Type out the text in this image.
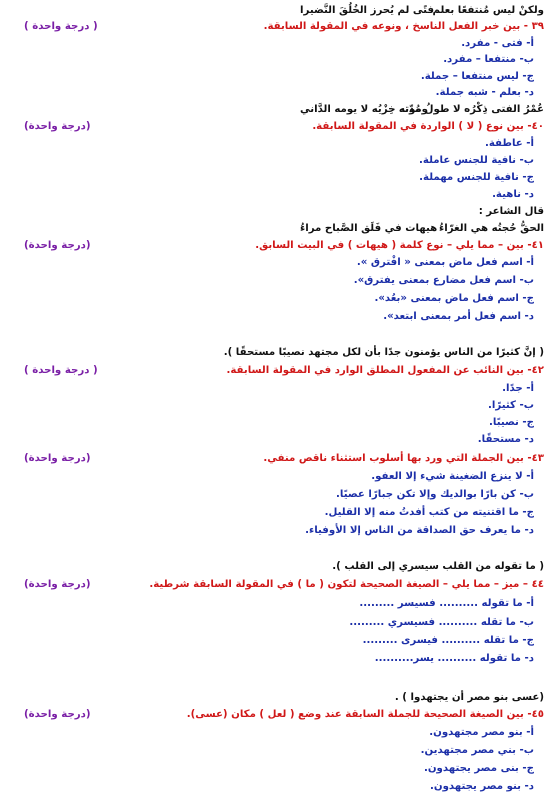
ولكنْ ليس مُنتفعًا بعلم
فتًى لم يُحرز الخُلُقَ النَّضيرا
٣٩ - بين خبر الفعل الناسخ ، ونوعه في المقولة السابقة.
( درجة واحدة )
أ- فتى - مفرد.
ب- منتفعا – مفرد.
ج- ليس منتفعا – جملة.
د- بعلم - شبه جملة.
عُمْرُ الفتى ذِكْرُه لا طولُ مُدّته
وموته خِزْيُه لا يومه الدَّاني
٤٠- بين نوع ( لا ) الواردة في المقولة السابقة.
(درجة واحدة)
أ- عاطفة.
ب- نافية للجنس عاملة.
ج- نافية للجنس مهملة.
د- ناهية.
قال الشاعر :
الحقُّ حُجتُه هي الغرّاءُ
هيهات في فَلَق الصَّباح مراءُ
٤١- بين – مما يلي – نوع كلمة ( هيهات ) في البيت السابق.
(درجة واحدة)
أ- اسم فعل ماض بمعنى « افْترق ».
ب- اسم فعل مضارع بمعنى يفترق».
ج- اسم فعل ماض بمعنى «بعُد».
د- اسم فعل أمر بمعنى ابتعد».
( إنَّ كثيرًا من الناس يؤمنون جدًا بأن لكل مجتهد نصيبًا مستحقًا ).
٤٢- بين النائب عن المفعول المطلق الوارد في المقولة السابقة.
( درجة واحدة )
أ- جدًا.
ب- كثيرًا.
ج- نصيبًا.
د- مستحقًا.
٤٣- بين الجملة التي ورد بها أسلوب استثناء ناقص منفي.
(درجة واحدة)
أ- لا ينزع الضغينة شيء إلا العفو.
ب- كن بارًا بوالديك وإلا تكن جبارًا عصيًا.
ج- ما اقتنيته من كتب أفدتُ منه إلا القليل.
د- ما يعرف حق الصداقة من الناس إلا الأوفياء.
( ما تقوله من القلب سيسري إلى القلب ).
٤٤ – ميز – مما يلي – الصيغة الصحيحة لتكون ( ما ) في المقولة السابقة شرطية.
(درجة واحدة)
أ- ما تقوله .......... فسيسر .........
ب- ما تقله .......... فسيسري .........
ج- ما تقله .......... فيسرى .........
د- ما تقوله .......... يسر..........
(عسى بنو مصر أن يجتهدوا ) .
٤٥- بين الصيغة الصحيحة للجملة السابقة عند وضع ( لعل ) مكان (عسى).
(درجة واحدة)
أ- بنو مصر مجتهدون.
ب- بني مصر مجتهدين.
ج- بنى مصر يجتهدون.
د- بنو مصر يجتهدون.
